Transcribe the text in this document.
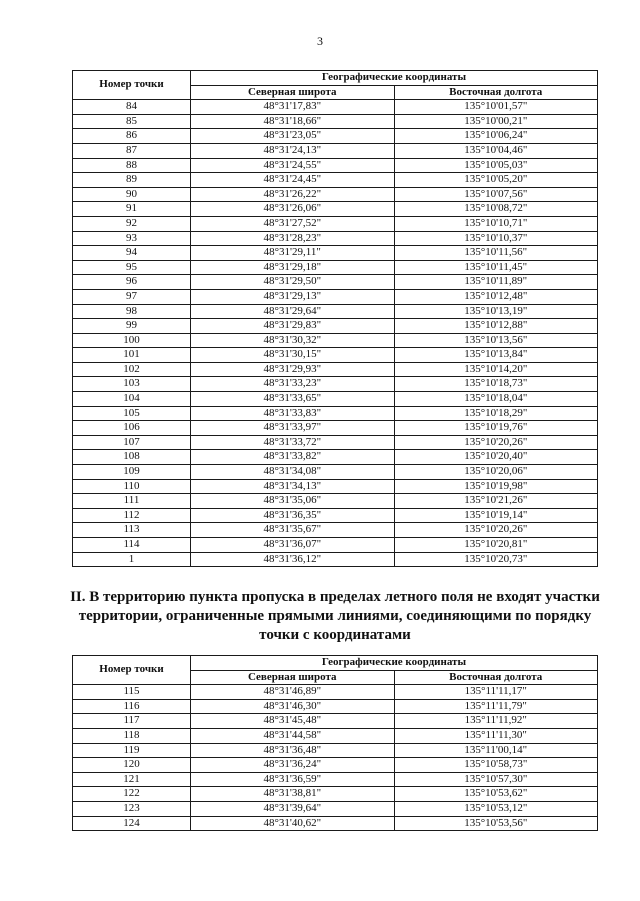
3
Номер точки	Географические координаты	
	Северная широта	Восточная долгота
84	48°31'17,83"	135°10'01,57"
85	48°31'18,66"	135°10'00,21"
86	48°31'23,05"	135°10'06,24"
87	48°31'24,13"	135°10'04,46"
88	48°31'24,55"	135°10'05,03"
89	48°31'24,45"	135°10'05,20"
90	48°31'26,22"	135°10'07,56"
91	48°31'26,06"	135°10'08,72"
92	48°31'27,52"	135°10'10,71"
93	48°31'28,23"	135°10'10,37"
94	48°31'29,11"	135°10'11,56"
95	48°31'29,18"	135°10'11,45"
96	48°31'29,50"	135°10'11,89"
97	48°31'29,13"	135°10'12,48"
98	48°31'29,64"	135°10'13,19"
99	48°31'29,83"	135°10'12,88"
100	48°31'30,32"	135°10'13,56"
101	48°31'30,15"	135°10'13,84"
102	48°31'29,93"	135°10'14,20"
103	48°31'33,23"	135°10'18,73"
104	48°31'33,65"	135°10'18,04"
105	48°31'33,83"	135°10'18,29"
106	48°31'33,97"	135°10'19,76"
107	48°31'33,72"	135°10'20,26"
108	48°31'33,82"	135°10'20,40"
109	48°31'34,08"	135°10'20,06"
110	48°31'34,13"	135°10'19,98"
111	48°31'35,06"	135°10'21,26"
112	48°31'36,35"	135°10'19,14"
113	48°31'35,67"	135°10'20,26"
114	48°31'36,07"	135°10'20,81"
1	48°31'36,12"	135°10'20,73"
II. В территорию пункта пропуска в пределах летного поля не входят участки территории, ограниченные прямыми линиями, соединяющими по порядку точки с координатами
Номер точки	Географические координаты	
	Северная широта	Восточная долгота
115	48°31'46,89"	135°11'11,17"
116	48°31'46,30"	135°11'11,79"
117	48°31'45,48"	135°11'11,92"
118	48°31'44,58"	135°11'11,30"
119	48°31'36,48"	135°11'00,14"
120	48°31'36,24"	135°10'58,73"
121	48°31'36,59"	135°10'57,30"
122	48°31'38,81"	135°10'53,62"
123	48°31'39,64"	135°10'53,12"
124	48°31'40,62"	135°10'53,56"
